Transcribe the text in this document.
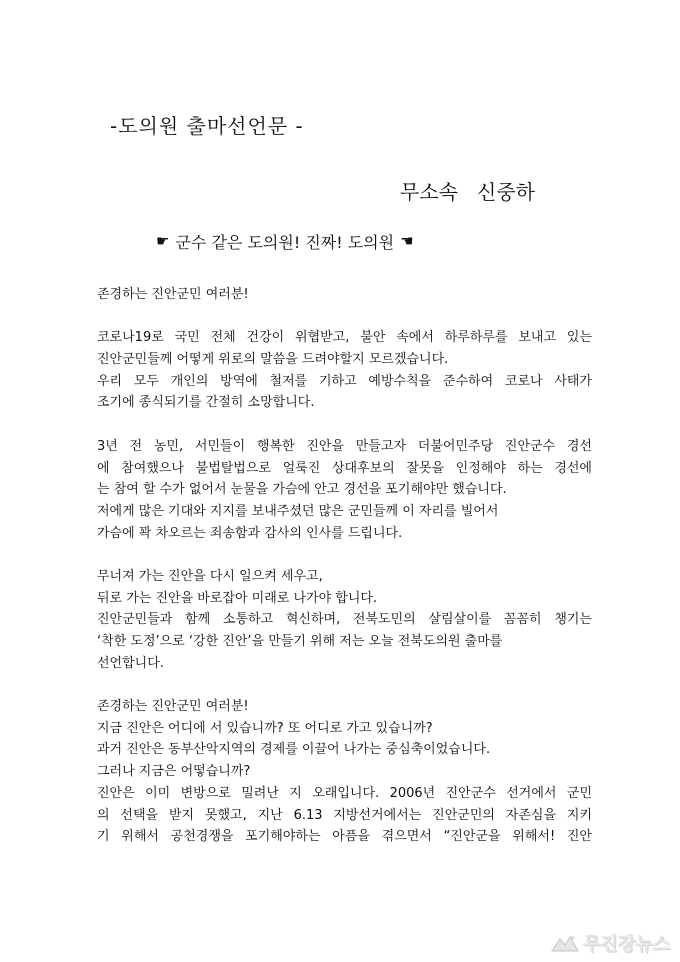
-도의원 출마선언문 -
무소속   신중하
☛ 군수 같은 도의원! 진짜! 도의원 ☚
존경하는 진안군민 여러분!
코로나19로 국민 전체 건강이 위협받고, 불안 속에서 하루하루를 보내고 있는
진안군민들께 어떻게 위로의 말씀을 드려야할지 모르겠습니다.
우리 모두 개인의 방역에 철저를 기하고 예방수칙을 준수하여 코로나 사태가
조기에 종식되기를 간절히 소망합니다.
3년 전 농민, 서민들이 행복한 진안을 만들고자 더불어민주당 진안군수 경선
에 참여했으나 불법탈법으로 얼룩진 상대후보의 잘못을 인정해야 하는 경선에
는 참여 할 수가 없어서 눈물을 가슴에 안고 경선을 포기해야만 했습니다.
저에게 많은 기대와 지지를 보내주셨던 많은 군민들께 이 자리를 빌어서
가슴에 꽉 차오르는 죄송함과 감사의 인사를 드립니다.
무너져 가는 진안을 다시 일으켜 세우고,
뒤로 가는 진안을 바로잡아 미래로 나가야 합니다.
진안군민들과 함께 소통하고 혁신하며, 전북도민의 살림살이를 꼼꼼히 챙기는
‘착한 도정’으로 ‘강한 진안’을 만들기 위해 저는 오늘 전북도의원 출마를
선언합니다.
존경하는 진안군민 여러분!
지금 진안은 어디에 서 있습니까? 또 어디로 가고 있습니까?
과거 진안은 동부산악지역의 경제를 이끌어 나가는 중심축이었습니다.
그러나 지금은 어떻습니까?
진안은 이미 변방으로 밀려난 지 오래입니다. 2006년 진안군수 선거에서 군민
의 선택을 받지 못했고, 지난 6.13 지방선거에서는 진안군민의 자존심을 지키
기 위해서 공천경쟁을 포기해야하는 아픔을 겪으면서 “진안군을 위해서! 진안
무진장뉴스
